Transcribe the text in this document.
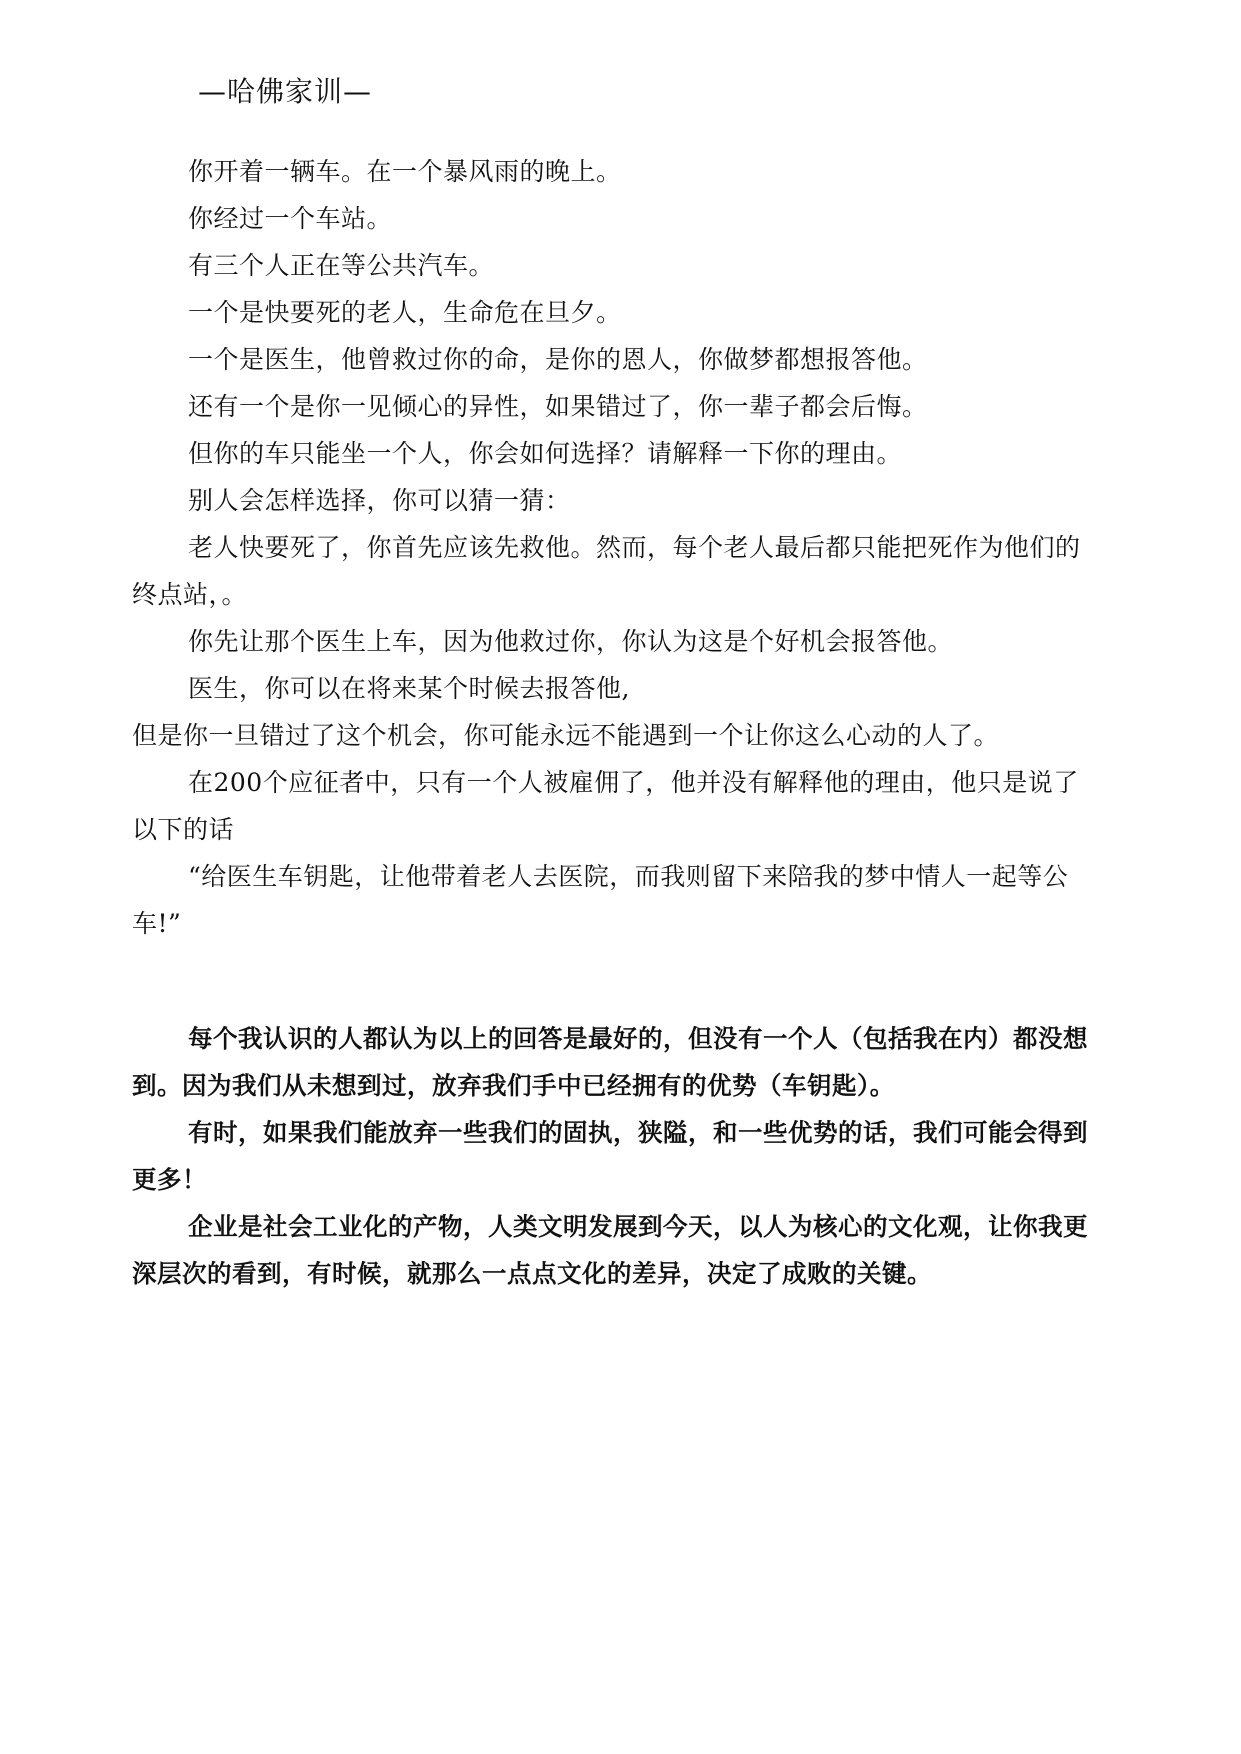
—哈佛家训—

你开着一辆车。在一个暴风雨的晚上。

你经过一个车站。

有三个人正在等公共汽车。

一个是快要死的老人，生命危在旦夕。

一个是医生，他曾救过你的命，是你的恩人，你做梦都想报答他。

还有一个是你一见倾心的异性，如果错过了，你一辈子都会后悔。

但你的车只能坐一个人，你会如何选择？请解释一下你的理由。

别人会怎样选择，你可以猜一猜：

老人快要死了，你首先应该先救他。然而，每个老人最后都只能把死作为他们的终点站，。

你先让那个医生上车，因为他救过你，你认为这是个好机会报答他。

医生，你可以在将来某个时候去报答他,

但是你一旦错过了这个机会，你可能永远不能遇到一个让你这么心动的人了。

在200个应征者中，只有一个人被雇佣了，他并没有解释他的理由，他只是说了以下的话

“给医生车钥匙，让他带着老人去医院，而我则留下来陪我的梦中情人一起等公车!”

每个我认识的人都认为以上的回答是最好的，但没有一个人（包括我在内）都没想到。因为我们从未想到过，放弃我们手中已经拥有的优势（车钥匙）。

有时，如果我们能放弃一些我们的固执，狭隘，和一些优势的话，我们可能会得到更多！

企业是社会工业化的产物，人类文明发展到今天，以人为核心的文化观，让你我更深层次的看到，有时候，就那么一点点文化的差异，决定了成败的关键。
